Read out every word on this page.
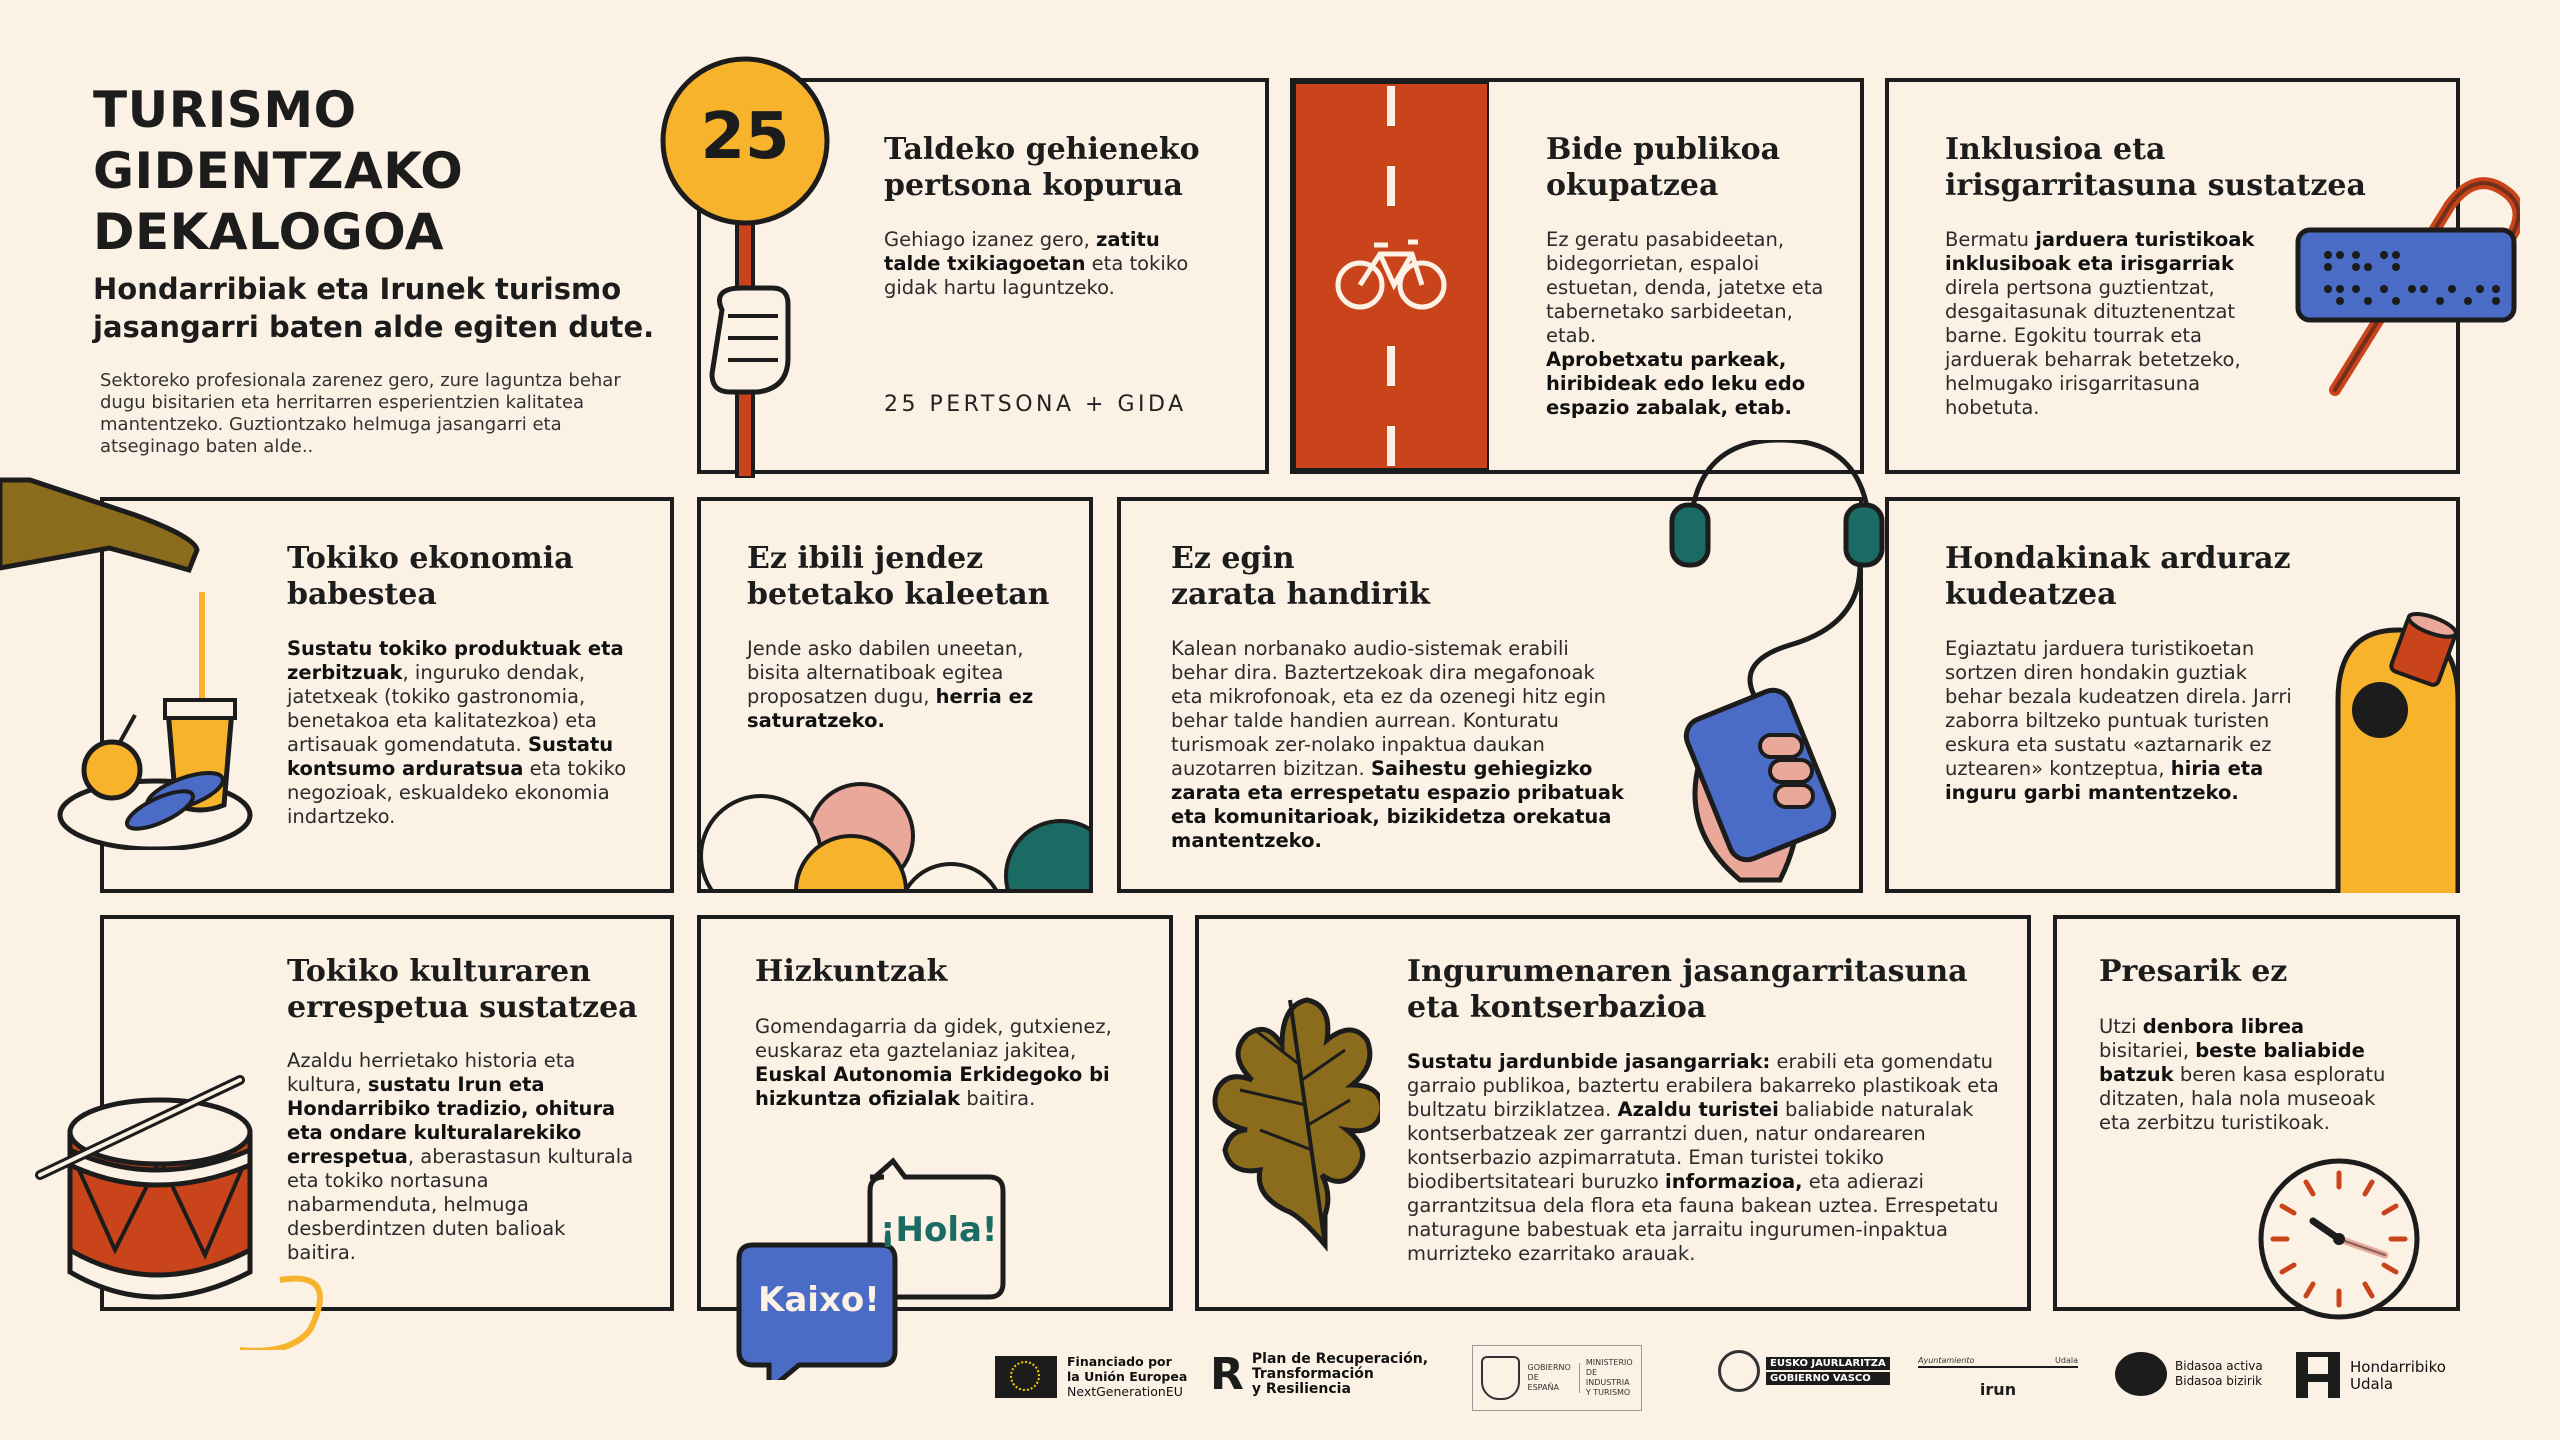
TURISMO
GIDENTZAKO
DEKALOGOA
Hondarribiak eta Irunek turismo jasangarri baten alde egiten dute.
Sektoreko profesionala zarenez gero, zure laguntza behar dugu bisitarien eta herritarren esperientzien kalitatea mantentzeko. Guztiontzako helmuga jasangarri eta atseginago baten alde..
Taldeko gehieneko
pertsona kopurua
Gehiago izanez gero, zatitu talde txikiagoetan eta tokiko gidak hartu laguntzeko.
25 PERTSONA + GIDA
25	Bide publikoa
okupatzea
Ez geratu pasabideetan, bidegorrietan, espaloi estuetan, denda, jatetxe eta tabernetako sarbideetan, etab.
Aprobetxatu parkeak, hiribideak edo leku edo espazio zabalak, etab.
Inklusioa eta
irisgarritasuna sustatzea
Bermatu jarduera turistikoak inklusiboak eta irisgarriak direla pertsona guztientzat, desgaitasunak dituztenentzat barne. Egokitu tourrak eta jarduerak beharrak betetzeko, helmugako irisgarritasuna hobetuta.
Tokiko ekonomia
babestea
Sustatu tokiko produktuak eta zerbitzuak, inguruko dendak, jatetxeak (tokiko gastronomia, benetakoa eta kalitatezkoa) eta artisauak gomendatuta. Sustatu kontsumo arduratsua eta tokiko negozioak, eskualdeko ekonomia indartzeko.
Ez ibili jendez
betetako kaleetan
Jende asko dabilen uneetan, bisita alternatiboak egitea proposatzen dugu, herria ez saturatzeko.
Ez egin
zarata handirik
Kalean norbanako audio-sistemak erabili behar dira. Baztertzekoak dira megafonoak eta mikrofonoak, eta ez da ozenegi hitz egin behar talde handien aurrean. Konturatu turismoak zer-nolako inpaktua daukan auzotarren bizitzan. Saihestu gehiegizko zarata eta errespetatu espazio pribatuak eta komunitarioak, bizikidetza orekatua mantentzeko.
Hondakinak arduraz
kudeatzea
Egiaztatu jarduera turistikoetan sortzen diren hondakin guztiak behar bezala kudeatzen direla. Jarri zaborra biltzeko puntuak turisten eskura eta sustatu «aztarnarik ez uztearen» kontzeptua, hiria eta inguru garbi mantentzeko.
Tokiko kulturaren
errespetua sustatzea
Azaldu herrietako historia eta kultura, sustatu Irun eta Hondarribiko tradizio, ohitura eta ondare kulturalarekiko errespetua, aberastasun kulturala eta tokiko nortasuna nabarmenduta, helmuga desberdintzen duten balioak baitira.
Hizkuntzak
Gomendagarria da gidek, gutxienez, euskaraz eta gaztelaniaz jakitea, Euskal Autonomia Erkidegoko bi hizkuntza ofizialak baitira.
¡Hola!
Kaixo!
Ingurumenaren jasangarritasuna
eta kontserbazioa
Sustatu jardunbide jasangarriak: erabili eta gomendatu garraio publikoa, baztertu erabilera bakarreko plastikoak eta bultzatu birziklatzea. Azaldu turistei baliabide naturalak kontserbatzeak zer garrantzi duen, natur ondarearen kontserbazio azpimarratuta. Eman turistei tokiko biodibertsitateari buruzko informazioa, eta adierazi garrantzitsua dela flora eta fauna bakean uztea. Errespetatu naturagune babestuak eta jarraitu ingurumen-inpaktua murrizteko ezarritako arauak.
Presarik ez
Utzi denbora librea bisitariei, beste baliabide batzuk beren kasa esploratu ditzaten, hala nola museoak eta zerbitzu turistikoak.
Financiado por
la Unión Europea
NextGenerationEU R Plan de Recuperación,
Transformación
y Resiliencia
GOBIERNO
DE ESPAÑA
MINISTERIO
DE INDUSTRIA
Y TURISMO
EUSKO JAURLARITZA
GOBIERNO VASCO
Ayuntamiento	Udala
irun
Bidasoa activa
Bidasoa bizirik
Hondarribiko
Udala
